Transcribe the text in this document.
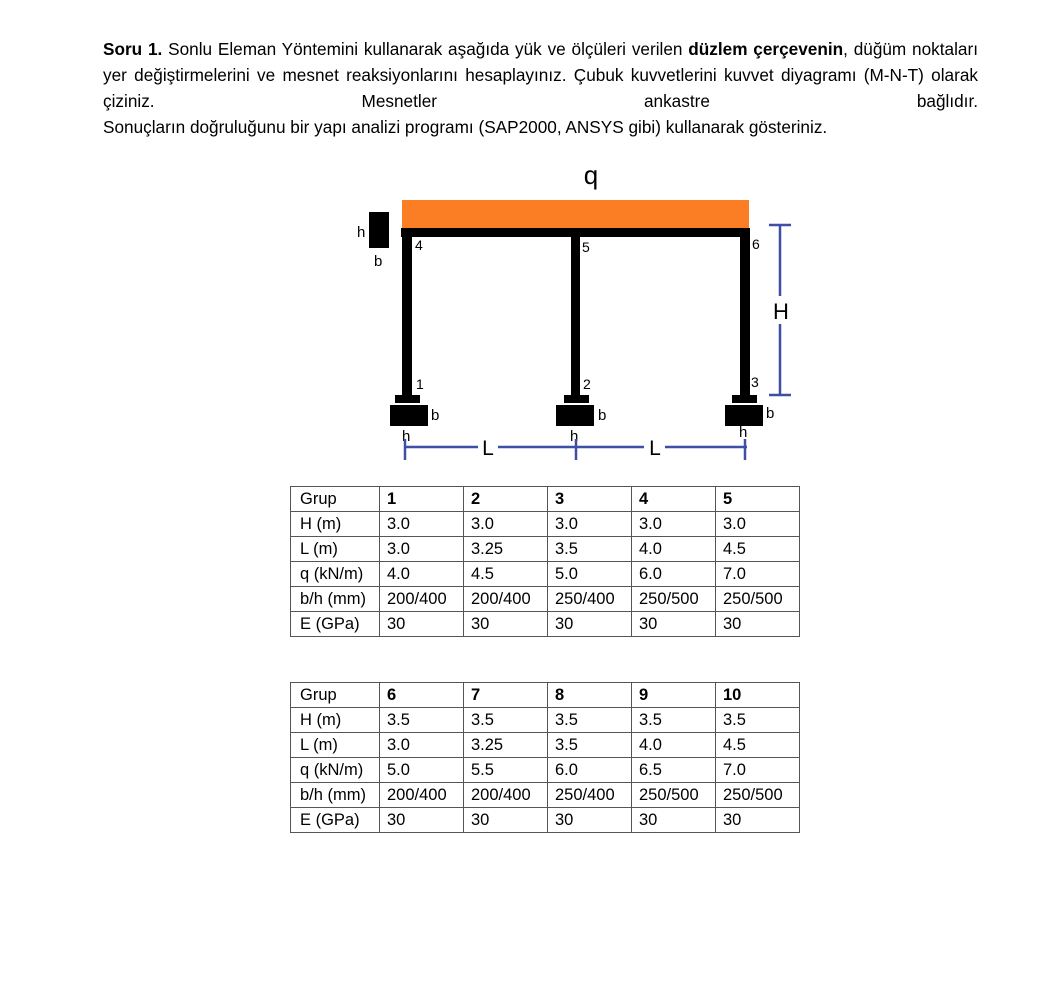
Soru 1. Sonlu Eleman Yöntemini kullanarak aşağıda yük ve ölçüleri verilen düzlem çerçevenin, düğüm noktaları yer değiştirmelerini ve mesnet reaksiyonlarını hesaplayınız. Çubuk kuvvetlerini kuvvet diyagramı (M-N-T) olarak çiziniz. Mesnetler ankastre bağlıdır.

Sonuçların doğruluğunu bir yapı analizi programı (SAP2000, ANSYS gibi) kullanarak gösteriniz.

q
h
b
b
h
b
h
b
h
1	2	3
4	5	6
H
L	L
Grup	1	2	3	4	5
H (m)	3.0	3.0	3.0	3.0	3.0
L (m)	3.0	3.25	3.5	4.0	4.5
q (kN/m)	4.0	4.5	5.0	6.0	7.0
b/h (mm)	200/400	200/400	250/400	250/500	250/500
E (GPa)	30	30	30	30	30
Grup	6	7	8	9	10
H (m)	3.5	3.5	3.5	3.5	3.5
L (m)	3.0	3.25	3.5	4.0	4.5
q (kN/m)	5.0	5.5	6.0	6.5	7.0
b/h (mm)	200/400	200/400	250/400	250/500	250/500
E (GPa)	30	30	30	30	30
